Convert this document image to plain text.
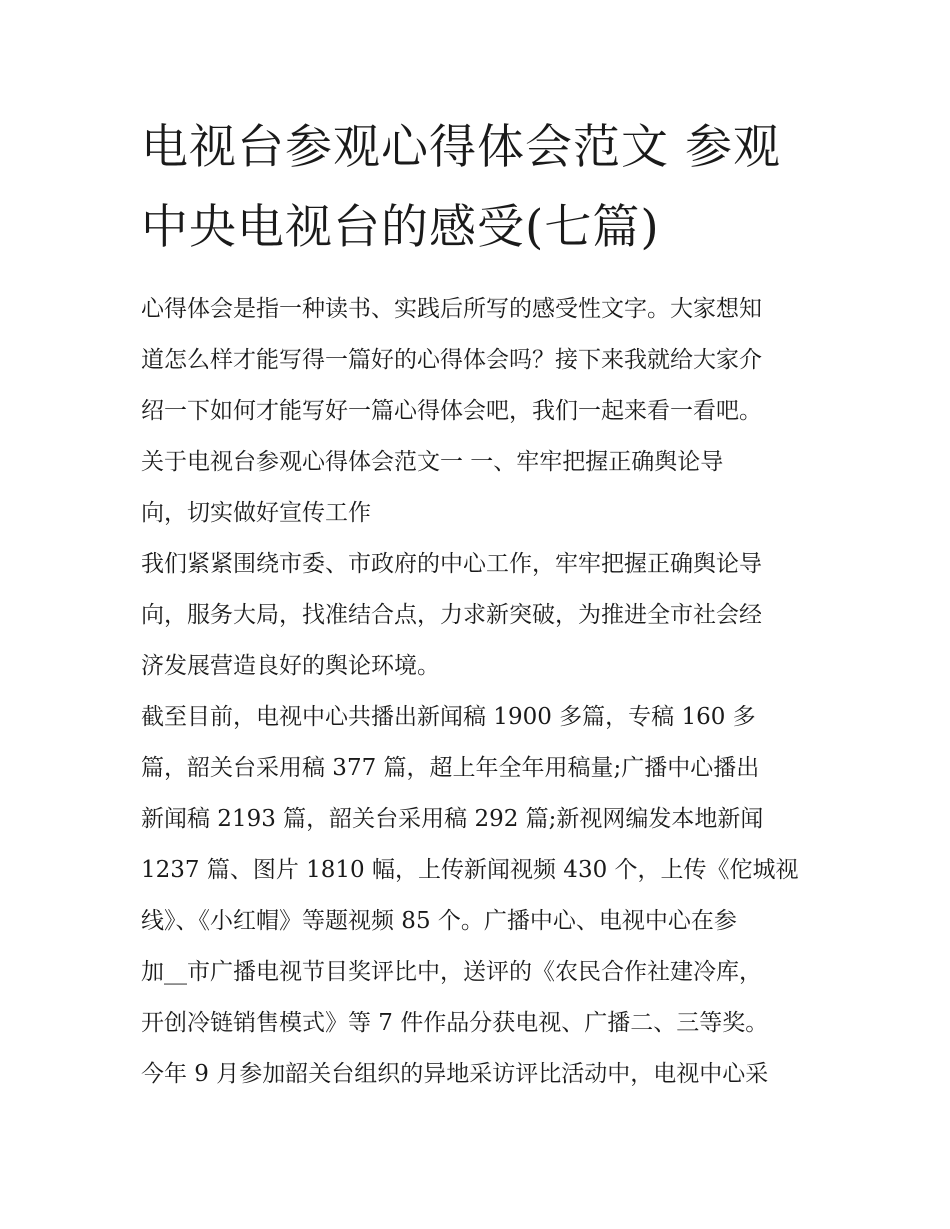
电视台参观心得体会范文 参观
中央电视台的感受(七篇)

心得体会是指一种读书、实践后所写的感受性文字。大家想知
道怎么样才能写得一篇好的心得体会吗？接下来我就给大家介
绍一下如何才能写好一篇心得体会吧，我们一起来看一看吧。

关于电视台参观心得体会范文一 一、牢牢把握正确舆论导
向，切实做好宣传工作

我们紧紧围绕市委、市政府的中心工作，牢牢把握正确舆论导
向，服务大局，找准结合点，力求新突破，为推进全市社会经
济发展营造良好的舆论环境。

截至目前，电视中心共播出新闻稿 1900 多篇，专稿 160 多
篇，韶关台采用稿 377 篇，超上年全年用稿量;广播中心播出
新闻稿 2193 篇，韶关台采用稿 292 篇;新视网编发本地新闻
1237 篇、图片 1810 幅，上传新闻视频 430 个，上传《佗城视
线》、《小红帽》等题视频 85 个。广播中心、电视中心在参
加__市广播电视节目奖评比中，送评的《农民合作社建冷库，
开创冷链销售模式》等 7 件作品分获电视、广播二、三等奖。
今年 9 月参加韶关台组织的异地采访评比活动中，电视中心采
